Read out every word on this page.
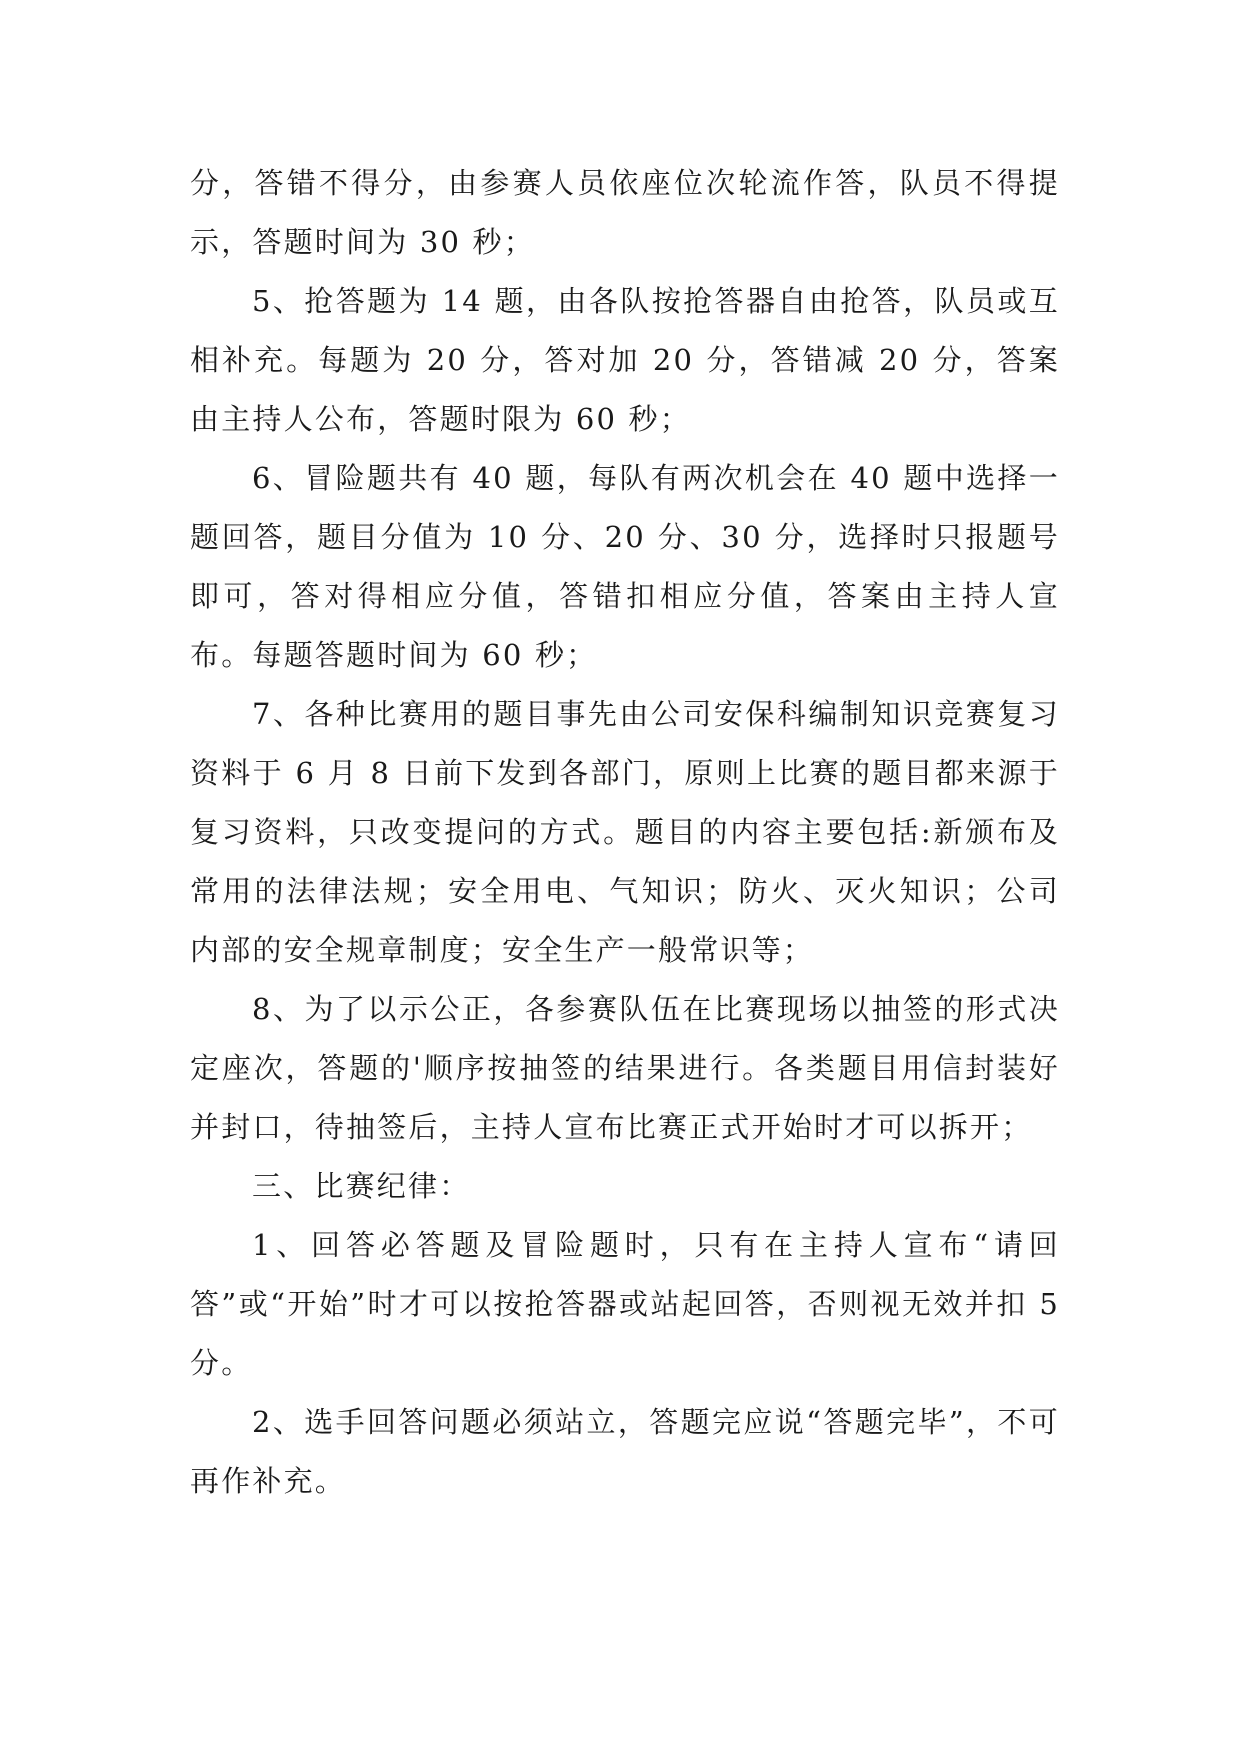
分，答错不得分，由参赛人员依座位次轮流作答，队员不得提示，答题时间为 30 秒；

5、抢答题为 14 题，由各队按抢答器自由抢答，队员或互相补充。每题为 20 分，答对加 20 分，答错减 20 分，答案由主持人公布，答题时限为 60 秒；

6、冒险题共有 40 题，每队有两次机会在 40 题中选择一题回答，题目分值为 10 分、20 分、30 分，选择时只报题号即可，答对得相应分值，答错扣相应分值，答案由主持人宣布。每题答题时间为 60 秒；

7、各种比赛用的题目事先由公司安保科编制知识竞赛复习资料于 6 月 8 日前下发到各部门，原则上比赛的题目都来源于复习资料，只改变提问的方式。题目的内容主要包括:新颁布及常用的法律法规；安全用电、气知识；防火、灭火知识；公司内部的安全规章制度；安全生产一般常识等；

8、为了以示公正，各参赛队伍在比赛现场以抽签的形式决定座次，答题的'顺序按抽签的结果进行。各类题目用信封装好并封口，待抽签后，主持人宣布比赛正式开始时才可以拆开；

三、比赛纪律：

1、回答必答题及冒险题时，只有在主持人宣布“请回答”或“开始”时才可以按抢答器或站起回答，否则视无效并扣 5 分。

2、选手回答问题必须站立，答题完应说“答题完毕”，不可再作补充。
